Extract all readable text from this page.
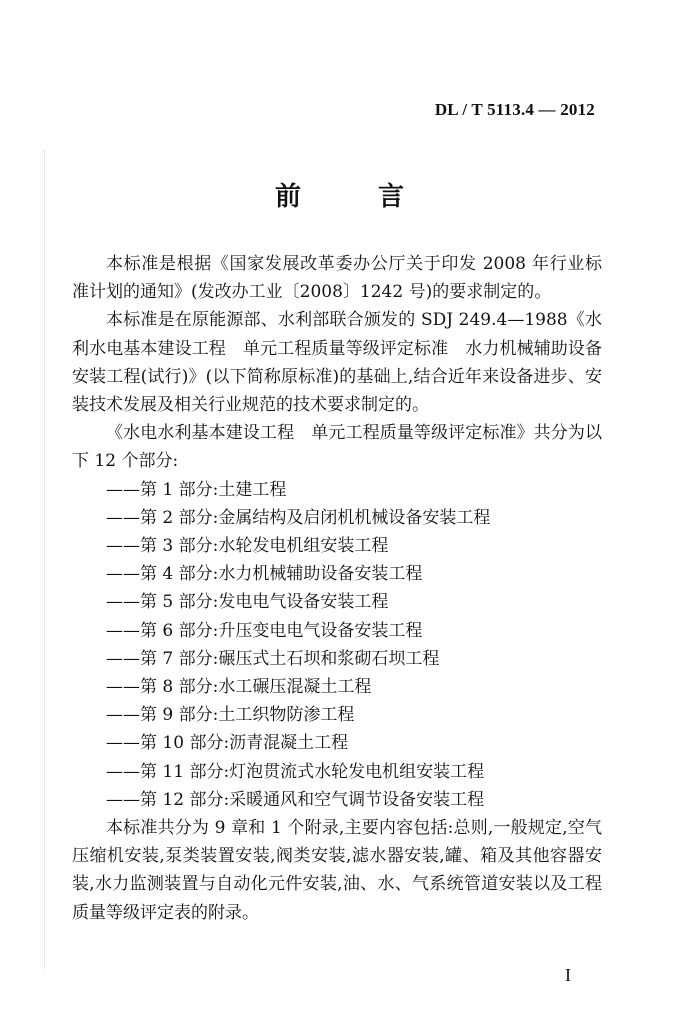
DL / T 5113.4 — 2012
前 言

本标准是根据《国家发展改革委办公厅关于印发 2008 年行业标准计划的通知》(发改办工业〔2008〕1242 号)的要求制定的。

本标准是在原能源部、水利部联合颁发的 SDJ 249.4—1988《水利水电基本建设工程　单元工程质量等级评定标准　水力机械辅助设备安装工程(试行)》(以下简称原标准)的基础上,结合近年来设备进步、安装技术发展及相关行业规范的技术要求制定的。

《水电水利基本建设工程　单元工程质量等级评定标准》共分为以下 12 个部分:

——第 1 部分:土建工程
——第 2 部分:金属结构及启闭机机械设备安装工程
——第 3 部分:水轮发电机组安装工程
——第 4 部分:水力机械辅助设备安装工程
——第 5 部分:发电电气设备安装工程
——第 6 部分:升压变电电气设备安装工程
——第 7 部分:碾压式土石坝和浆砌石坝工程
——第 8 部分:水工碾压混凝土工程
——第 9 部分:土工织物防渗工程
——第 10 部分:沥青混凝土工程
——第 11 部分:灯泡贯流式水轮发电机组安装工程
——第 12 部分:采暖通风和空气调节设备安装工程

本标准共分为 9 章和 1 个附录,主要内容包括:总则,一般规定,空气压缩机安装,泵类装置安装,阀类安装,滤水器安装,罐、箱及其他容器安装,水力监测装置与自动化元件安装,油、水、气系统管道安装以及工程质量等级评定表的附录。

I
